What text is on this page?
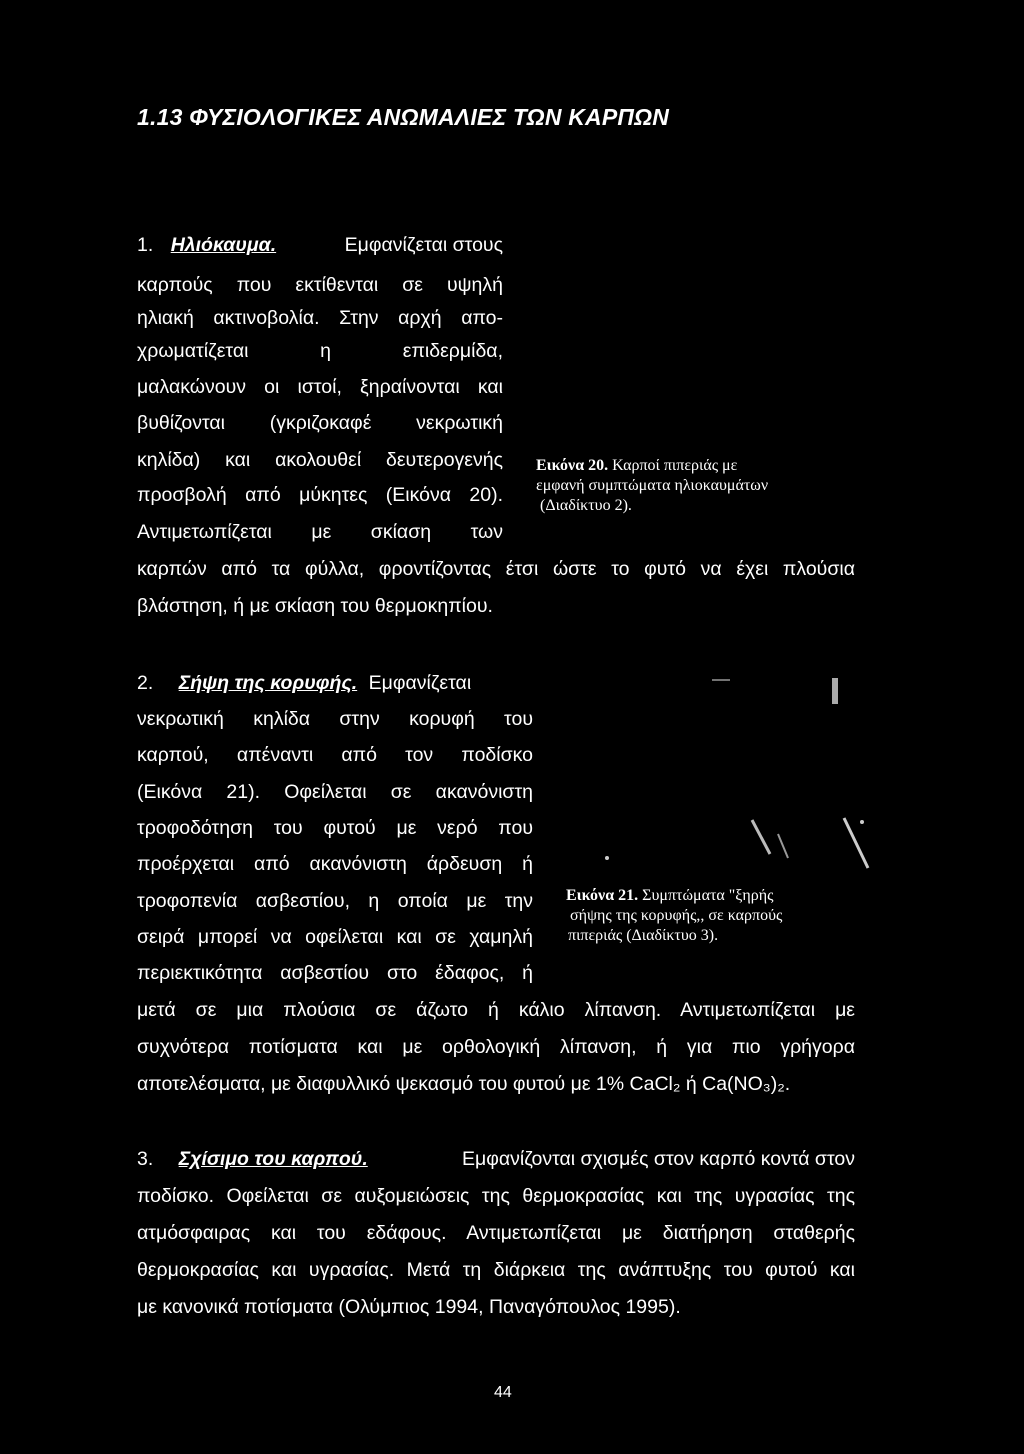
1.13 ΦΥΣΙΟΛΟΓΙΚΕΣ ΑΝΩΜΑΛΙΕΣ ΤΩΝ ΚΑΡΠΩΝ
1. Ηλιόκαυμα.	Εμφανίζεται στους
καρπούς που εκτίθενται σε υψηλή
ηλιακή ακτινοβολία. Στην αρχή απο-
χρωματίζεται η επιδερμίδα,
μαλακώνουν οι ιστοί, ξηραίνονται και
βυθίζονται (γκριζοκαφέ νεκρωτική
κηλίδα) και ακολουθεί δευτερογενής
προσβολή από μύκητες (Εικόνα 20).
Αντιμετωπίζεται με σκίαση των
καρπών από τα φύλλα, φροντίζοντας έτσι ώστε το φυτό να έχει πλούσια
βλάστηση, ή με σκίαση του θερμοκηπίου.
Εικόνα 20. Καρποί πιπεριάς με
εμφανή συμπτώματα ηλιοκαυμάτων
(Διαδίκτυο 2).
2. Σήψη της κορυφής. Εμφανίζεται
νεκρωτική κηλίδα στην κορυφή του
καρπού, απέναντι από τον ποδίσκο
(Εικόνα 21). Οφείλεται σε ακανόνιστη
τροφοδότηση του φυτού με νερό που
προέρχεται από ακανόνιστη άρδευση ή
τροφοπενία ασβεστίου, η οποία με την
σειρά μπορεί να οφείλεται και σε χαμηλή
περιεκτικότητα ασβεστίου στο έδαφος, ή
μετά σε μια πλούσια σε άζωτο ή κάλιο λίπανση. Αντιμετωπίζεται με
συχνότερα ποτίσματα και με ορθολογική λίπανση, ή για πιο γρήγορα
αποτελέσματα, με διαφυλλικό ψεκασμό του φυτού με 1% CaCl₂ ή Ca(NO₃)₂.
Εικόνα 21. Συμπτώματα "ξηρής
σήψης της κορυφής,, σε καρπούς
πιπεριάς (Διαδίκτυο 3).
3. Σχίσιμο του καρπού.	Εμφανίζονται σχισμές στον καρπό κοντά στον
ποδίσκο. Οφείλεται σε αυξομειώσεις της θερμοκρασίας και της υγρασίας της
ατμόσφαιρας και του εδάφους. Αντιμετωπίζεται με διατήρηση σταθερής
θερμοκρασίας και υγρασίας. Μετά τη διάρκεια της ανάπτυξης του φυτού και
με κανονικά ποτίσματα (Ολύμπιος 1994, Παναγόπουλος 1995).
44
